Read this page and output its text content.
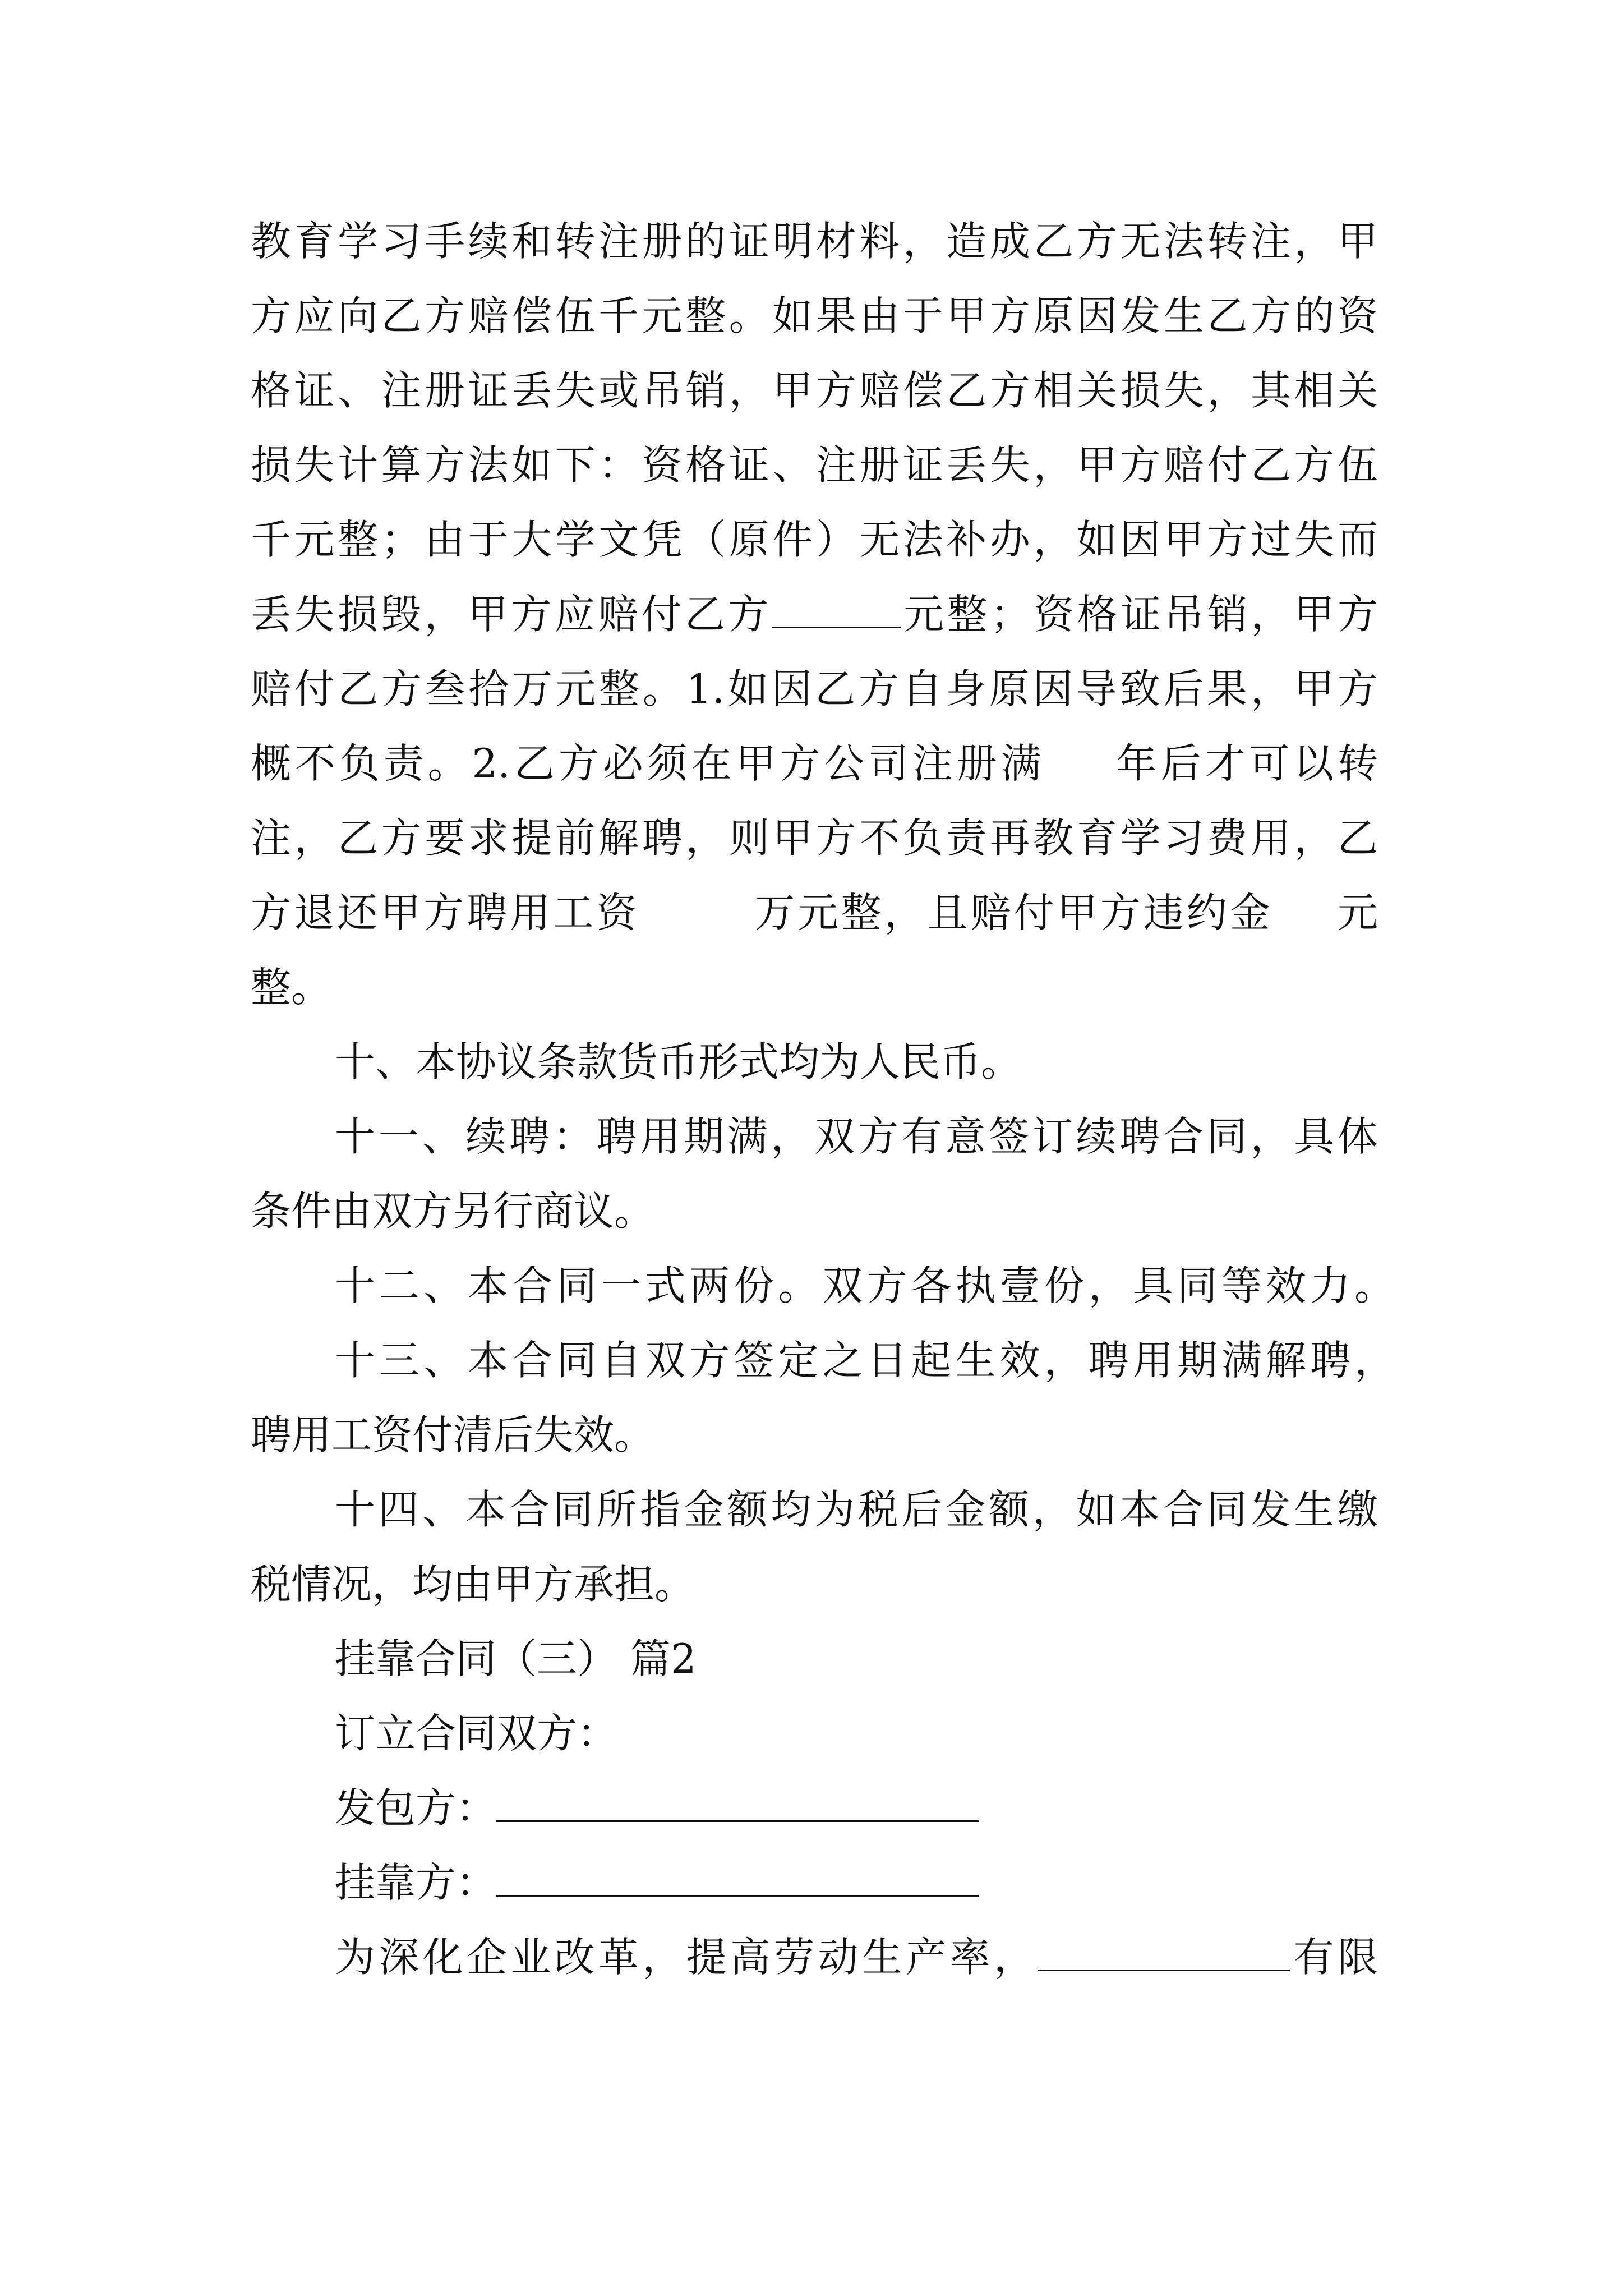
教育学习手续和转注册的证明材料，造成乙方无法转注，甲
方应向乙方赔偿伍千元整。如果由于甲方原因发生乙方的资
格证、注册证丢失或吊销，甲方赔偿乙方相关损失，其相关
损失计算方法如下：资格证、注册证丢失，甲方赔付乙方伍
千元整；由于大学文凭（原件）无法补办，如因甲方过失而
丢失损毁，甲方应赔付乙方	元整；资格证吊销，甲方
赔付乙方叁拾万元整。1.如因乙方自身原因导致后果，甲方
概不负责。2.乙方必须在甲方公司注册满 年后才可以转
注，乙方要求提前解聘，则甲方不负责再教育学习费用，乙
方退还甲方聘用工资	万元整，且赔付甲方违约金 元
整。
十、本协议条款货币形式均为人民币。
十一、续聘：聘用期满，双方有意签订续聘合同，具体
条件由双方另行商议。
十二、本合同一式两份。双方各执壹份，具同等效力。
十三、本合同自双方签定之日起生效，聘用期满解聘，
聘用工资付清后失效。
十四、本合同所指金额均为税后金额，如本合同发生缴
税情况，均由甲方承担。
挂靠合同（三） 篇2
订立合同双方：
发包方：
挂靠方：
为深化企业改革，提高劳动生产率，	有限
